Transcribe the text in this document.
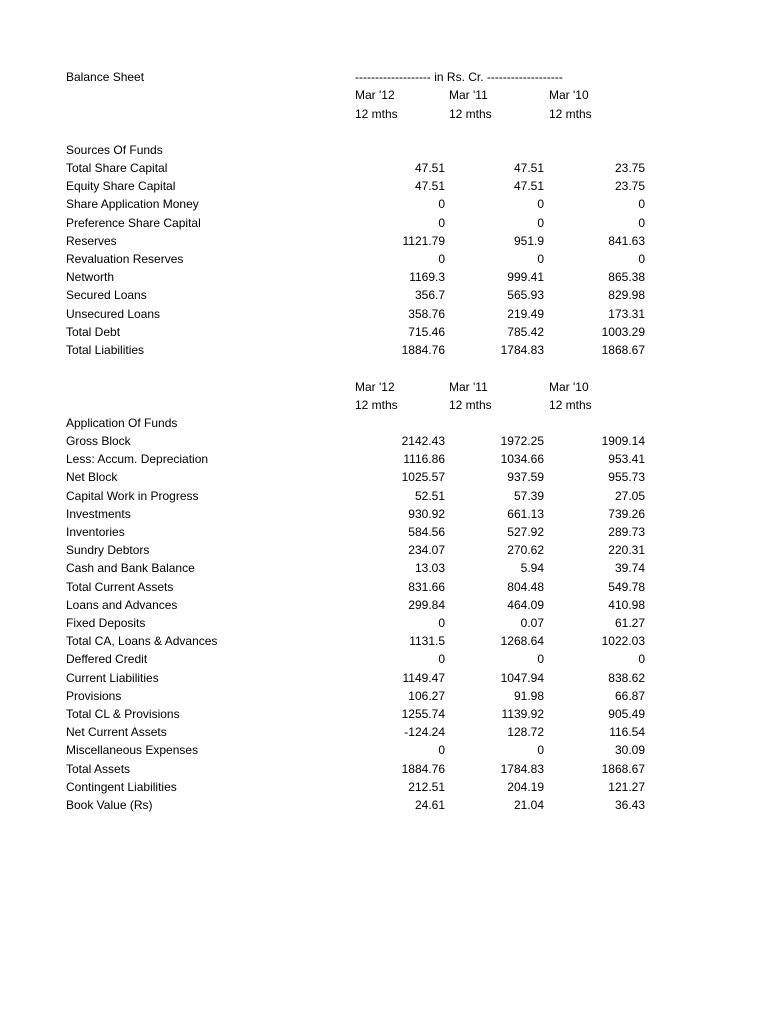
Balance Sheet	------------------- in Rs. Cr. -------------------
Mar '12	Mar '11	Mar '10
12 mths	12 mths	12 mths
Sources Of Funds
Total Share Capital	47.51	47.51	23.75
Equity Share Capital	47.51	47.51	23.75
Share Application Money	0	0	0
Preference Share Capital	0	0	0
Reserves	1121.79	951.9	841.63
Revaluation Reserves	0	0	0
Networth	1169.3	999.41	865.38
Secured Loans	356.7	565.93	829.98
Unsecured Loans	358.76	219.49	173.31
Total Debt	715.46	785.42	1003.29
Total Liabilities	1884.76	1784.83	1868.67
Mar '12	Mar '11	Mar '10
12 mths	12 mths	12 mths
Application Of Funds
Gross Block	2142.43	1972.25	1909.14
Less: Accum. Depreciation	1116.86	1034.66	953.41
Net Block	1025.57	937.59	955.73
Capital Work in Progress	52.51	57.39	27.05
Investments	930.92	661.13	739.26
Inventories	584.56	527.92	289.73
Sundry Debtors	234.07	270.62	220.31
Cash and Bank Balance	13.03	5.94	39.74
Total Current Assets	831.66	804.48	549.78
Loans and Advances	299.84	464.09	410.98
Fixed Deposits	0	0.07	61.27
Total CA, Loans & Advances	1131.5	1268.64	1022.03
Deffered Credit	0	0	0
Current Liabilities	1149.47	1047.94	838.62
Provisions	106.27	91.98	66.87
Total CL & Provisions	1255.74	1139.92	905.49
Net Current Assets	-124.24	128.72	116.54
Miscellaneous Expenses	0	0	30.09
Total Assets	1884.76	1784.83	1868.67
Contingent Liabilities	212.51	204.19	121.27
Book Value (Rs)	24.61	21.04	36.43
